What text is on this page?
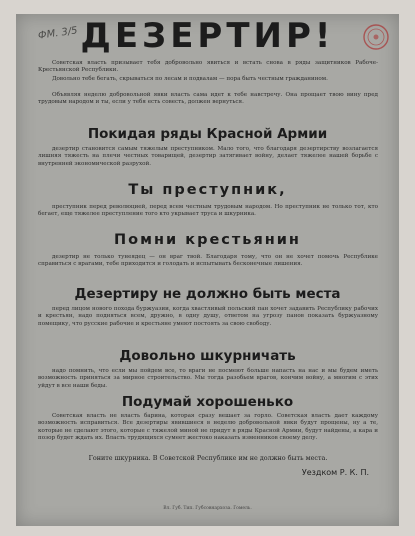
ФМ. 3/5 ДЕЗЕРТИР!
Советская власть призывает тебя добровольно явиться и встать снова в ряды защитников Рабоче-Крестьянской Республики.
Довольно тебе бегать, скрываться по лесам и подвалам — пора быть честным гражданином.
Объявляя неделю добровольной явки власть сама идет к тебе навстречу. Она прощает твою вину пред трудовым народом и ты, если у тебя есть совесть, должен вернуться.
Покидая ряды Красной Армии
дезертир становится самым тяжелым преступником. Мало того, что благодаря дезертирству возлагается лишняя тяжесть на плечи честных товарищей, дезертир затягивает войну, делает тяжелее нашей борьбе с внутренней экономической разрухой.
Ты преступник,
преступник перед революцией, перед всем честным трудовым народом. Но преступник не только тот, кто бегает, еще тяжелее преступление того кто укрывает труса и шкурника.
Помни крестьянин
дезертир не только тунеядец — он враг твой. Благодаря тому, что он не хочет помочь Республике справиться с врагами, тебе приходится и голодать и испытывать бесконечные лишения.
Дезертиру не должно быть места
перед лицом нового похода буржуазии, когда хвастливый польский пан хочет задавить Республику рабочих и крестьян, надо подняться всем, дружно, в одну душу, ответом на угрозу панов показать буржуазному помещику, что русские рабочие и крестьяне умеют постоять за свою свободу.
Довольно шкурничать
надо помнить, что если мы пойдем все, то враги не посмеют больше напасть на нас и мы будем иметь возможность приняться за мирное строительство. Мы тогда разобьем врагов, кончим войну, а многим с этих уйдут в все наши беды.
Подумай хорошенько
Советская власть не власть барина, которая сразу вешает за горло. Советская власть дает каждому возможность исправиться. Все дезертиры явившиеся в неделю добровольной явки будут прощены, ну а те, которые не сделают этого, которые с тяжелой миной не придут в ряды Красной Армии, будут найдены, а кара и позор будет ждать их. Власть трудящихся сумеет жестоко наказать изменников своему делу.
Гоните шкурника. В Советской Республике им не должно быть места.
Уездком Р. К. П.
Вл. Губ. Тип. Губсовнархоза. Гомель.
